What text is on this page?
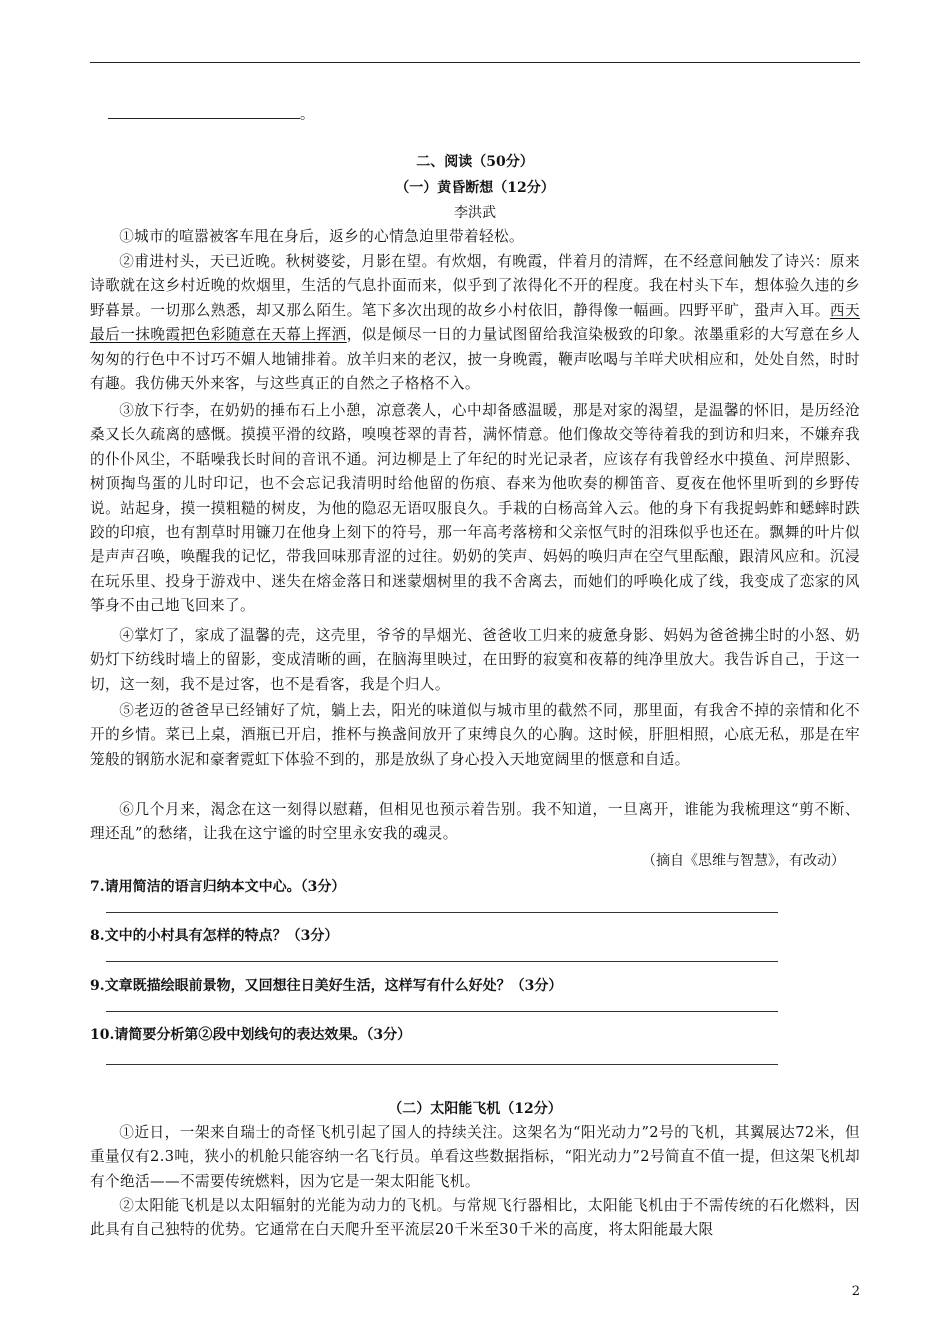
。
二、阅读（50分）
（一）黄昏断想（12分）
李洪武

①城市的喧嚣被客车甩在身后，返乡的心情急迫里带着轻松。

②甫进村头，天已近晚。秋树婆娑，月影在望。有炊烟，有晚霞，伴着月的清辉，在不经意间触发了诗兴：原来诗歌就在这乡村近晚的炊烟里，生活的气息扑面而来，似乎到了浓得化不开的程度。我在村头下车，想体验久违的乡野暮景。一切那么熟悉，却又那么陌生。笔下多次出现的故乡小村依旧，静得像一幅画。四野平旷，蛩声入耳。西天最后一抹晚霞把色彩随意在天幕上挥洒，似是倾尽一日的力量试图留给我渲染极致的印象。浓墨重彩的大写意在乡人匆匆的行色中不讨巧不媚人地铺排着。放羊归来的老汉，披一身晚霞，鞭声吆喝与羊咩犬吠相应和，处处自然，时时有趣。我仿佛天外来客，与这些真正的自然之子格格不入。

③放下行李，在奶奶的捶布石上小憩，凉意袭人，心中却备感温暖，那是对家的渴望，是温馨的怀旧，是历经沧桑又长久疏离的感慨。摸摸平滑的纹路，嗅嗅苍翠的青苔，满怀情意。他们像故交等待着我的到访和归来，不嫌弃我的仆仆风尘，不聒噪我长时间的音讯不通。河边柳是上了年纪的时光记录者，应该存有我曾经水中摸鱼、河岸照影、树顶掏鸟蛋的儿时印记，也不会忘记我清明时给他留的伤痕、春来为他吹奏的柳笛音、夏夜在他怀里听到的乡野传说。站起身，摸一摸粗糙的树皮，为他的隐忍无语叹服良久。手栽的白杨高耸入云。他的身下有我捉蚂蚱和蟋蟀时跌跤的印痕，也有割草时用镰刀在他身上刻下的符号，那一年高考落榜和父亲怄气时的泪珠似乎也还在。飘舞的叶片似是声声召唤，唤醒我的记忆，带我回味那青涩的过往。奶奶的笑声、妈妈的唤归声在空气里酝酿，跟清风应和。沉浸在玩乐里、投身于游戏中、迷失在熔金落日和迷蒙烟树里的我不舍离去，而她们的呼唤化成了线，我变成了恋家的风筝身不由己地飞回来了。

④掌灯了，家成了温馨的壳，这壳里，爷爷的旱烟光、爸爸收工归来的疲惫身影、妈妈为爸爸拂尘时的小怒、奶奶灯下纺线时墙上的留影，变成清晰的画，在脑海里映过，在田野的寂寞和夜幕的纯净里放大。我告诉自己，于这一切，这一刻，我不是过客，也不是看客，我是个归人。

⑤老迈的爸爸早已经铺好了炕，躺上去，阳光的味道似与城市里的截然不同，那里面，有我舍不掉的亲情和化不开的乡情。菜已上桌，酒瓶已开启，推杯与换盏间放开了束缚良久的心胸。这时候，肝胆相照，心底无私，那是在牢笼般的钢筋水泥和豪奢霓虹下体验不到的，那是放纵了身心投入天地宽阔里的惬意和自适。

⑥几个月来，渴念在这一刻得以慰藉，但相见也预示着告别。我不知道，一旦离开，谁能为我梳理这“剪不断、理还乱”的愁绪，让我在这宁谧的时空里永安我的魂灵。

（摘自《思维与智慧》，有改动）
7.请用简洁的语言归纳本文中心。（3分）
8.文中的小村具有怎样的特点？（3分）
9.文章既描绘眼前景物，又回想往日美好生活，这样写有什么好处？（3分）
10.请简要分析第②段中划线句的表达效果。（3分）
（二）太阳能飞机（12分）

①近日，一架来自瑞士的奇怪飞机引起了国人的持续关注。这架名为“阳光动力”2号的飞机，其翼展达72米，但重量仅有2.3吨，狭小的机舱只能容纳一名飞行员。单看这些数据指标，“阳光动力”2号简直不值一提，但这架飞机却有个绝活——不需要传统燃料，因为它是一架太阳能飞机。

②太阳能飞机是以太阳辐射的光能为动力的飞机。与常规飞行器相比，太阳能飞机由于不需传统的石化燃料，因此具有自己独特的优势。它通常在白天爬升至平流层20千米至30千米的高度，将太阳能最大限

2
